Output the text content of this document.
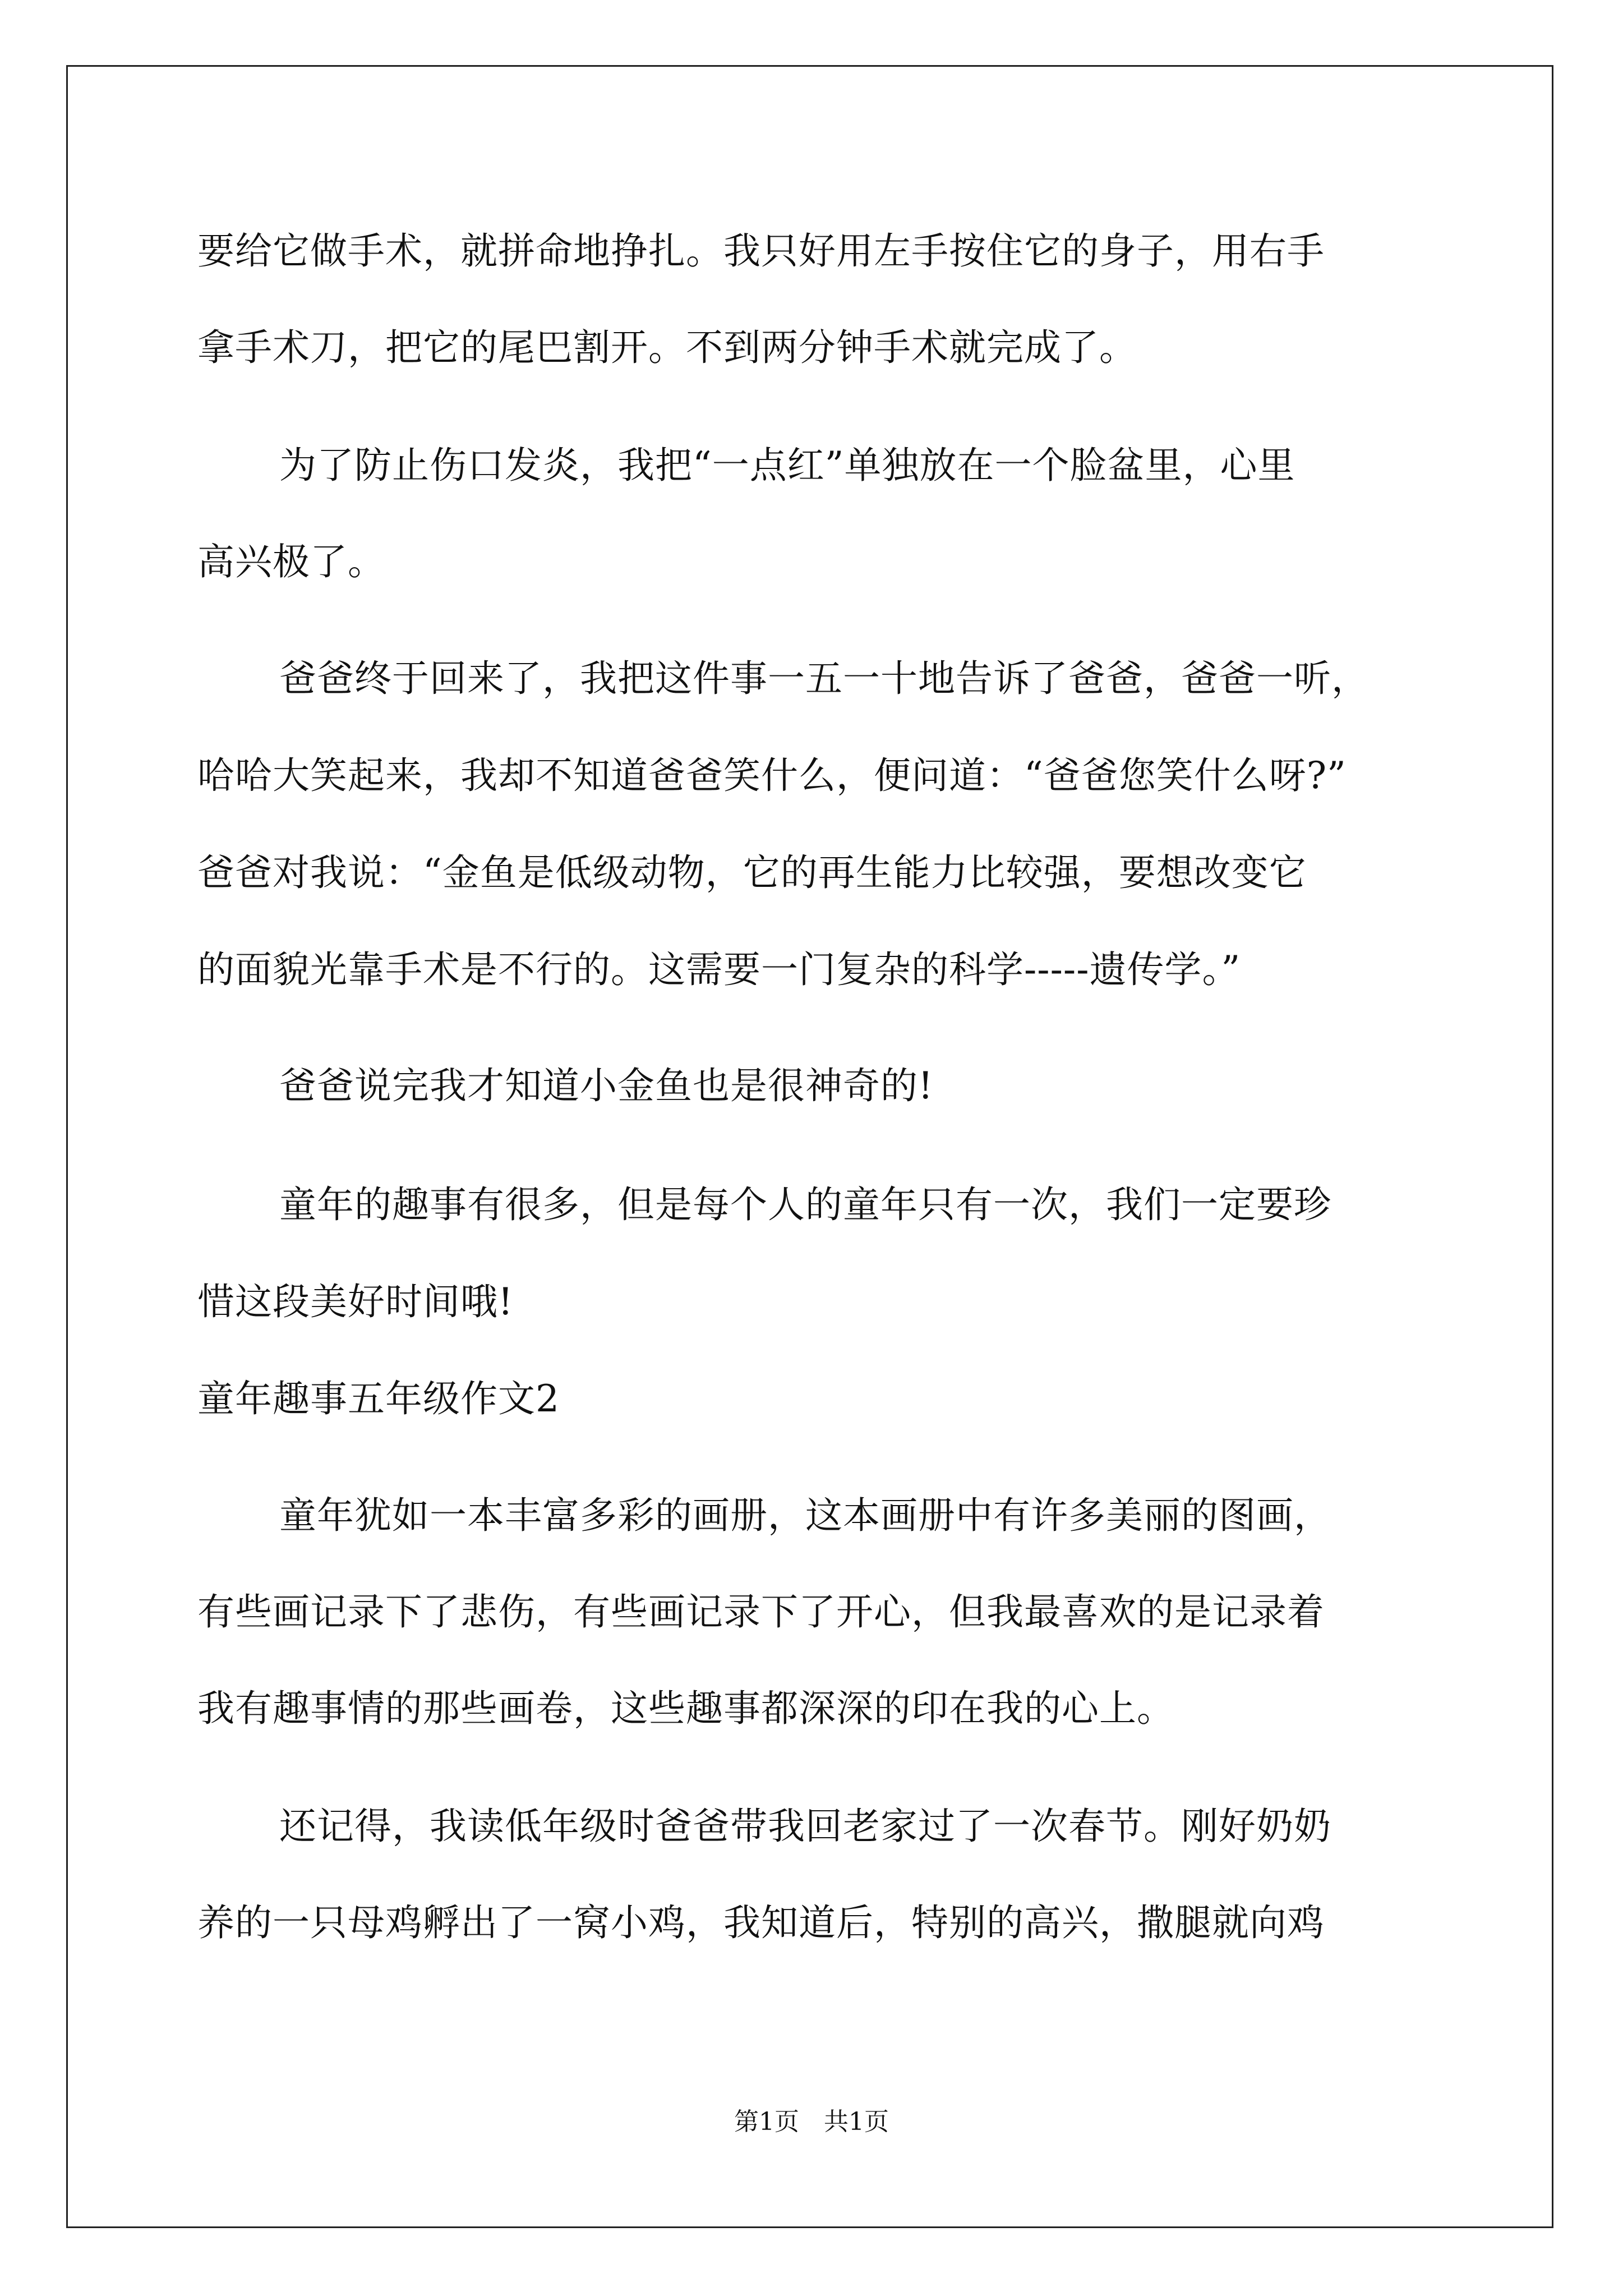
要给它做手术，就拼命地挣扎。我只好用左手按住它的身子，用右手
拿手术刀，把它的尾巴割开。不到两分钟手术就完成了。
为了防止伤口发炎，我把“一点红”单独放在一个脸盆里，心里
高兴极了。
爸爸终于回来了，我把这件事一五一十地告诉了爸爸，爸爸一听，
哈哈大笑起来，我却不知道爸爸笑什么，便问道：“爸爸您笑什么呀?”
爸爸对我说：“金鱼是低级动物，它的再生能力比较强，要想改变它
的面貌光靠手术是不行的。这需要一门复杂的科学-----遗传学。”
爸爸说完我才知道小金鱼也是很神奇的!
童年的趣事有很多，但是每个人的童年只有一次，我们一定要珍
惜这段美好时间哦!
童年趣事五年级作文2
童年犹如一本丰富多彩的画册，这本画册中有许多美丽的图画，
有些画记录下了悲伤，有些画记录下了开心，但我最喜欢的是记录着
我有趣事情的那些画卷，这些趣事都深深的印在我的心上。
还记得，我读低年级时爸爸带我回老家过了一次春节。刚好奶奶
养的一只母鸡孵出了一窝小鸡，我知道后，特别的高兴，撒腿就向鸡
第1页　共1页
